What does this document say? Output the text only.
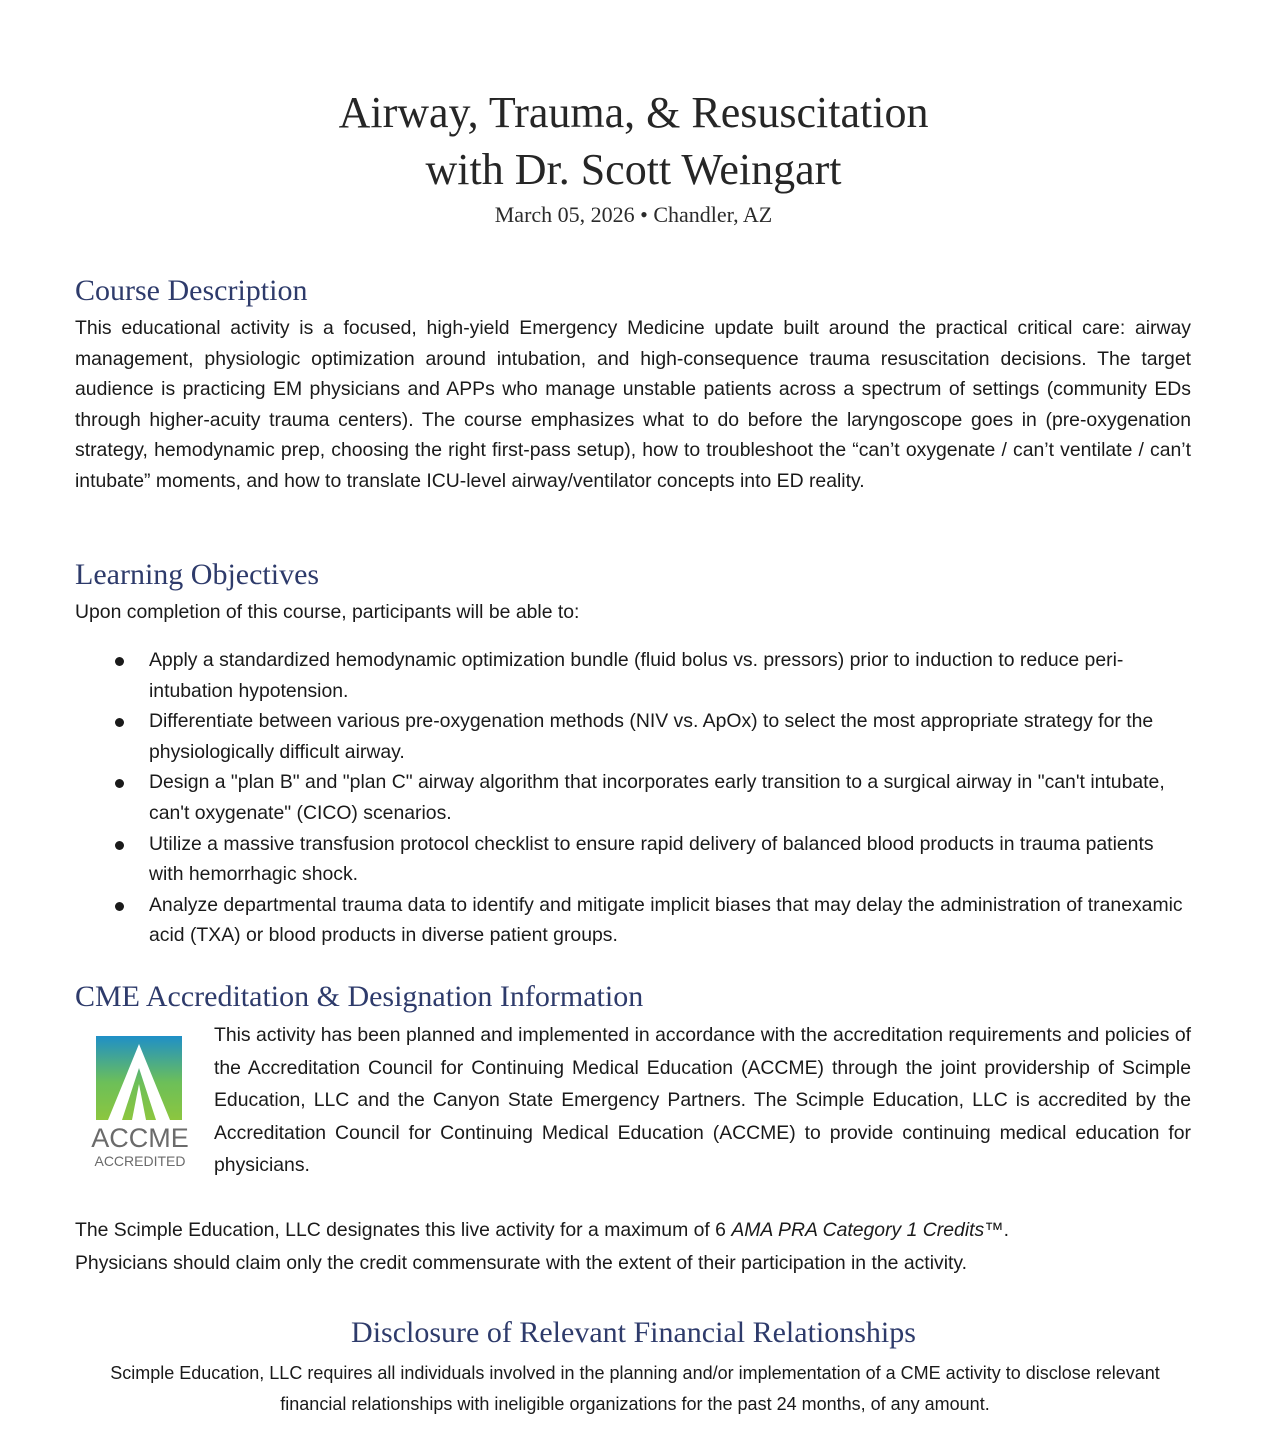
Airway, Trauma, & Resuscitation
with Dr. Scott Weingart
March 05, 2026 • Chandler, AZ
Course Description

This educational activity is a focused, high-yield Emergency Medicine update built around the practical critical care: airway management, physiologic optimization around intubation, and high-consequence trauma resuscitation decisions. The target audience is practicing EM physicians and APPs who manage unstable patients across a spectrum of settings (community EDs through higher-acuity trauma centers). The course emphasizes what to do before the laryngoscope goes in (pre-oxygenation strategy, hemodynamic prep, choosing the right first-pass setup), how to troubleshoot the “can’t oxygenate / can’t ventilate / can’t intubate” moments, and how to translate ICU-level airway/ventilator concepts into ED reality.

Learning Objectives

Upon completion of this course, participants will be able to:

Apply a standardized hemodynamic optimization bundle (fluid bolus vs. pressors) prior to induction to reduce peri-intubation hypotension.
Differentiate between various pre-oxygenation methods (NIV vs. ApOx) to select the most appropriate strategy for the physiologically difficult airway.
Design a "plan B" and "plan C" airway algorithm that incorporates early transition to a surgical airway in "can't intubate, can't oxygenate" (CICO) scenarios.
Utilize a massive transfusion protocol checklist to ensure rapid delivery of balanced blood products in trauma patients with hemorrhagic shock.
Analyze departmental trauma data to identify and mitigate implicit biases that may delay the administration of tranexamic acid (TXA) or blood products in diverse patient groups.
CME Accreditation & Designation Information
ACCME
ACCREDITED

This activity has been planned and implemented in accordance with the accreditation requirements and policies of the Accreditation Council for Continuing Medical Education (ACCME) through the joint providership of Scimple Education, LLC and the Canyon State Emergency Partners. The Scimple Education, LLC is accredited by the Accreditation Council for Continuing Medical Education (ACCME) to provide continuing medical education for physicians.

The Scimple Education, LLC designates this live activity for a maximum of 6 AMA PRA Category 1 Credits™.

Physicians should claim only the credit commensurate with the extent of their participation in the activity.

Disclosure of Relevant Financial Relationships

Scimple Education, LLC requires all individuals involved in the planning and/or implementation of a CME activity to disclose relevant financial relationships with ineligible organizations for the past 24 months, of any amount.
